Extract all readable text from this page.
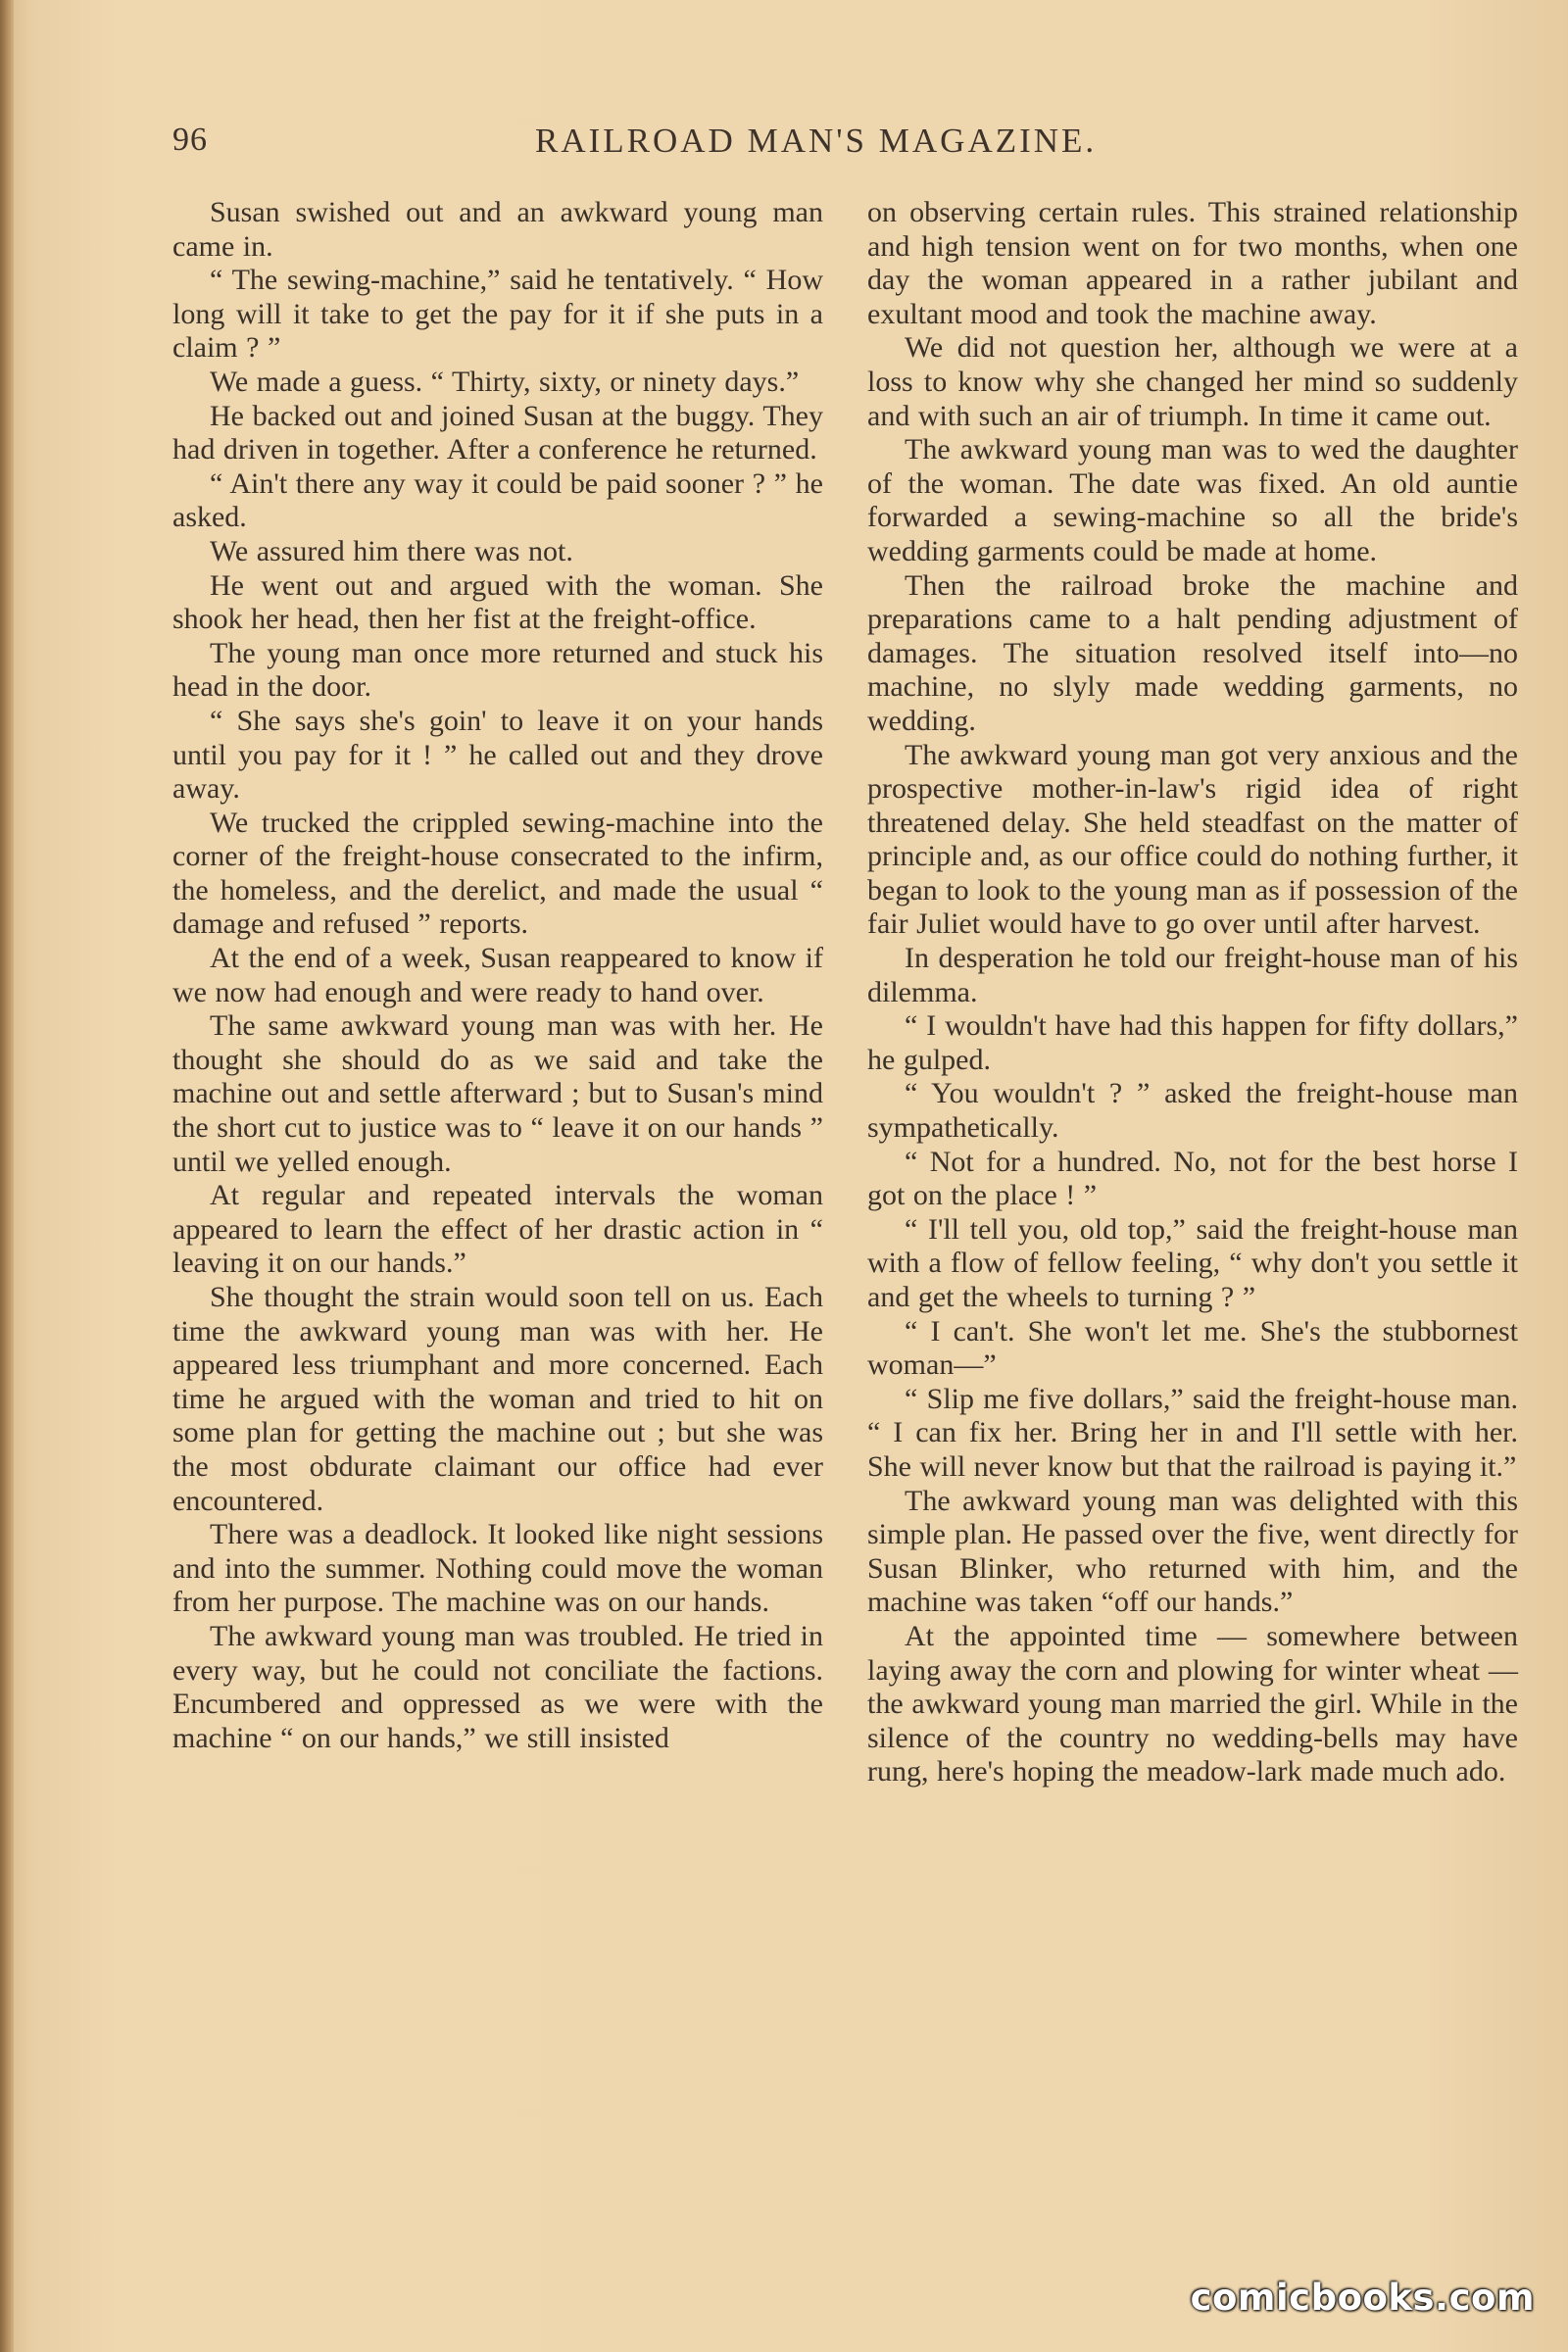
96	RAILROAD MAN'S MAGAZINE.

Susan swished out and an awkward young man came in.

“ The sewing-machine,” said he tentatively. “ How long will it take to get the pay for it if she puts in a claim ? ”

We made a guess. “ Thirty, sixty, or ninety days.”

He backed out and joined Susan at the buggy. They had driven in together. After a conference he returned.

“ Ain't there any way it could be paid sooner ? ” he asked.

We assured him there was not.

He went out and argued with the woman. She shook her head, then her fist at the freight-office.

The young man once more returned and stuck his head in the door.

“ She says she's goin' to leave it on your hands until you pay for it ! ” he called out and they drove away.

We trucked the crippled sewing-machine into the corner of the freight-house consecrated to the infirm, the homeless, and the derelict, and made the usual “ damage and refused ” reports.

At the end of a week, Susan reappeared to know if we now had enough and were ready to hand over.

The same awkward young man was with her. He thought she should do as we said and take the machine out and settle afterward ; but to Susan's mind the short cut to justice was to “ leave it on our hands ” until we yelled enough.

At regular and repeated intervals the woman appeared to learn the effect of her drastic action in “ leaving it on our hands.”

She thought the strain would soon tell on us. Each time the awkward young man was with her. He appeared less triumphant and more concerned. Each time he argued with the woman and tried to hit on some plan for getting the machine out ; but she was the most obdurate claimant our office had ever encountered.

There was a deadlock. It looked like night sessions and into the summer. Nothing could move the woman from her purpose. The machine was on our hands.

The awkward young man was troubled. He tried in every way, but he could not conciliate the factions. Encumbered and oppressed as we were with the machine “ on our hands,” we still insisted

on observing certain rules. This strained relationship and high tension went on for two months, when one day the woman appeared in a rather jubilant and exultant mood and took the machine away.

We did not question her, although we were at a loss to know why she changed her mind so suddenly and with such an air of triumph. In time it came out.

The awkward young man was to wed the daughter of the woman. The date was fixed. An old auntie forwarded a sewing-machine so all the bride's wedding garments could be made at home.

Then the railroad broke the machine and preparations came to a halt pending adjustment of damages. The situation resolved itself into—no machine, no slyly made wedding garments, no wedding.

The awkward young man got very anxious and the prospective mother-in-law's rigid idea of right threatened delay. She held steadfast on the matter of principle and, as our office could do nothing further, it began to look to the young man as if possession of the fair Juliet would have to go over until after harvest.

In desperation he told our freight-house man of his dilemma.

“ I wouldn't have had this happen for fifty dollars,” he gulped.

“ You wouldn't ? ” asked the freight-house man sympathetically.

“ Not for a hundred. No, not for the best horse I got on the place ! ”

“ I'll tell you, old top,” said the freight-house man with a flow of fellow feeling, “ why don't you settle it and get the wheels to turning ? ”

“ I can't. She won't let me. She's the stubbornest woman—”

“ Slip me five dollars,” said the freight-house man. “ I can fix her. Bring her in and I'll settle with her. She will never know but that the railroad is paying it.”

The awkward young man was delighted with this simple plan. He passed over the five, went directly for Susan Blinker, who returned with him, and the machine was taken “off our hands.”

At the appointed time — somewhere between laying away the corn and plowing for winter wheat — the awkward young man married the girl. While in the silence of the country no wedding-bells may have rung, here's hoping the meadow-lark made much ado.

comicbooks.com
